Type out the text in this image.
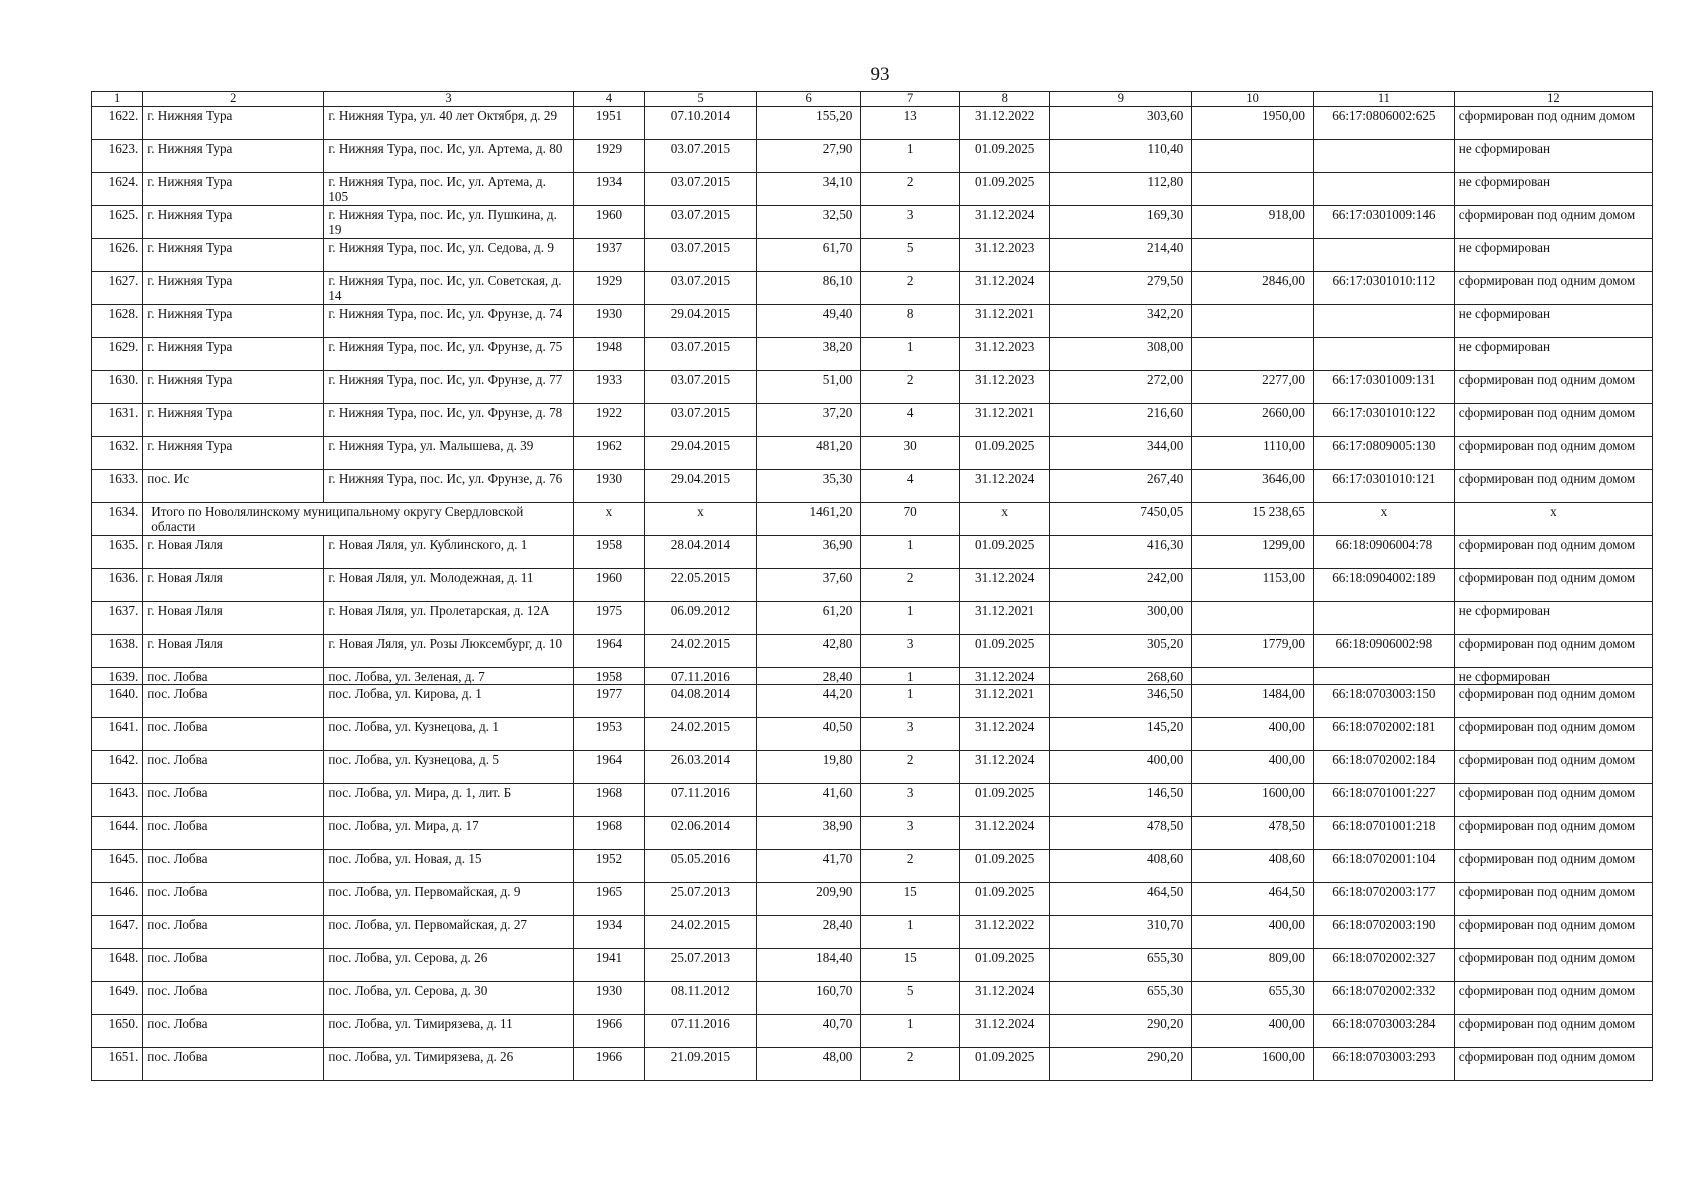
93
1	2	3	4	5	6	7	8	9	10	11	12
1622.	г. Нижняя Тура	г. Нижняя Тура, ул. 40 лет Октября, д. 29	1951	07.10.2014	155,20	13	31.12.2022	303,60	1950,00	66:17:0806002:625	сформирован под одним домом
1623.	г. Нижняя Тура	г. Нижняя Тура, пос. Ис, ул. Артема, д. 80	1929	03.07.2015	27,90	1	01.09.2025	110,40			не сформирован
1624.	г. Нижняя Тура	г. Нижняя Тура, пос. Ис, ул. Артема, д. 105	1934	03.07.2015	34,10	2	01.09.2025	112,80			не сформирован
1625.	г. Нижняя Тура	г. Нижняя Тура, пос. Ис, ул. Пушкина, д. 19	1960	03.07.2015	32,50	3	31.12.2024	169,30	918,00	66:17:0301009:146	сформирован под одним домом
1626.	г. Нижняя Тура	г. Нижняя Тура, пос. Ис, ул. Седова, д. 9	1937	03.07.2015	61,70	5	31.12.2023	214,40			не сформирован
1627.	г. Нижняя Тура	г. Нижняя Тура, пос. Ис, ул. Советская, д. 14	1929	03.07.2015	86,10	2	31.12.2024	279,50	2846,00	66:17:0301010:112	сформирован под одним домом
1628.	г. Нижняя Тура	г. Нижняя Тура, пос. Ис, ул. Фрунзе, д. 74	1930	29.04.2015	49,40	8	31.12.2021	342,20			не сформирован
1629.	г. Нижняя Тура	г. Нижняя Тура, пос. Ис, ул. Фрунзе, д. 75	1948	03.07.2015	38,20	1	31.12.2023	308,00			не сформирован
1630.	г. Нижняя Тура	г. Нижняя Тура, пос. Ис, ул. Фрунзе, д. 77	1933	03.07.2015	51,00	2	31.12.2023	272,00	2277,00	66:17:0301009:131	сформирован под одним домом
1631.	г. Нижняя Тура	г. Нижняя Тура, пос. Ис, ул. Фрунзе, д. 78	1922	03.07.2015	37,20	4	31.12.2021	216,60	2660,00	66:17:0301010:122	сформирован под одним домом
1632.	г. Нижняя Тура	г. Нижняя Тура, ул. Малышева, д. 39	1962	29.04.2015	481,20	30	01.09.2025	344,00	1110,00	66:17:0809005:130	сформирован под одним домом
1633.	пос. Ис	г. Нижняя Тура, пос. Ис, ул. Фрунзе, д. 76	1930	29.04.2015	35,30	4	31.12.2024	267,40	3646,00	66:17:0301010:121	сформирован под одним домом
1634.	Итого по Новолялинскому муниципальному округу Свердловской области		x	x	1461,20	70	x	7450,05	15 238,65	x	x
1635.	г. Новая Ляля	г. Новая Ляля, ул. Кублинского, д. 1	1958	28.04.2014	36,90	1	01.09.2025	416,30	1299,00	66:18:0906004:78	сформирован под одним домом
1636.	г. Новая Ляля	г. Новая Ляля, ул. Молодежная, д. 11	1960	22.05.2015	37,60	2	31.12.2024	242,00	1153,00	66:18:0904002:189	сформирован под одним домом
1637.	г. Новая Ляля	г. Новая Ляля, ул. Пролетарская, д. 12А	1975	06.09.2012	61,20	1	31.12.2021	300,00			не сформирован
1638.	г. Новая Ляля	г. Новая Ляля, ул. Розы Люксембург, д. 10	1964	24.02.2015	42,80	3	01.09.2025	305,20	1779,00	66:18:0906002:98	сформирован под одним домом
1639.	пос. Лобва	пос. Лобва, ул. Зеленая, д. 7	1958	07.11.2016	28,40	1	31.12.2024	268,60			не сформирован
1640.	пос. Лобва	пос. Лобва, ул. Кирова, д. 1	1977	04.08.2014	44,20	1	31.12.2021	346,50	1484,00	66:18:0703003:150	сформирован под одним домом
1641.	пос. Лобва	пос. Лобва, ул. Кузнецова, д. 1	1953	24.02.2015	40,50	3	31.12.2024	145,20	400,00	66:18:0702002:181	сформирован под одним домом
1642.	пос. Лобва	пос. Лобва, ул. Кузнецова, д. 5	1964	26.03.2014	19,80	2	31.12.2024	400,00	400,00	66:18:0702002:184	сформирован под одним домом
1643.	пос. Лобва	пос. Лобва, ул. Мира, д. 1, лит. Б	1968	07.11.2016	41,60	3	01.09.2025	146,50	1600,00	66:18:0701001:227	сформирован под одним домом
1644.	пос. Лобва	пос. Лобва, ул. Мира, д. 17	1968	02.06.2014	38,90	3	31.12.2024	478,50	478,50	66:18:0701001:218	сформирован под одним домом
1645.	пос. Лобва	пос. Лобва, ул. Новая, д. 15	1952	05.05.2016	41,70	2	01.09.2025	408,60	408,60	66:18:0702001:104	сформирован под одним домом
1646.	пос. Лобва	пос. Лобва, ул. Первомайская, д. 9	1965	25.07.2013	209,90	15	01.09.2025	464,50	464,50	66:18:0702003:177	сформирован под одним домом
1647.	пос. Лобва	пос. Лобва, ул. Первомайская, д. 27	1934	24.02.2015	28,40	1	31.12.2022	310,70	400,00	66:18:0702003:190	сформирован под одним домом
1648.	пос. Лобва	пос. Лобва, ул. Серова, д. 26	1941	25.07.2013	184,40	15	01.09.2025	655,30	809,00	66:18:0702002:327	сформирован под одним домом
1649.	пос. Лобва	пос. Лобва, ул. Серова, д. 30	1930	08.11.2012	160,70	5	31.12.2024	655,30	655,30	66:18:0702002:332	сформирован под одним домом
1650.	пос. Лобва	пос. Лобва, ул. Тимирязева, д. 11	1966	07.11.2016	40,70	1	31.12.2024	290,20	400,00	66:18:0703003:284	сформирован под одним домом
1651.	пос. Лобва	пос. Лобва, ул. Тимирязева, д. 26	1966	21.09.2015	48,00	2	01.09.2025	290,20	1600,00	66:18:0703003:293	сформирован под одним домом
